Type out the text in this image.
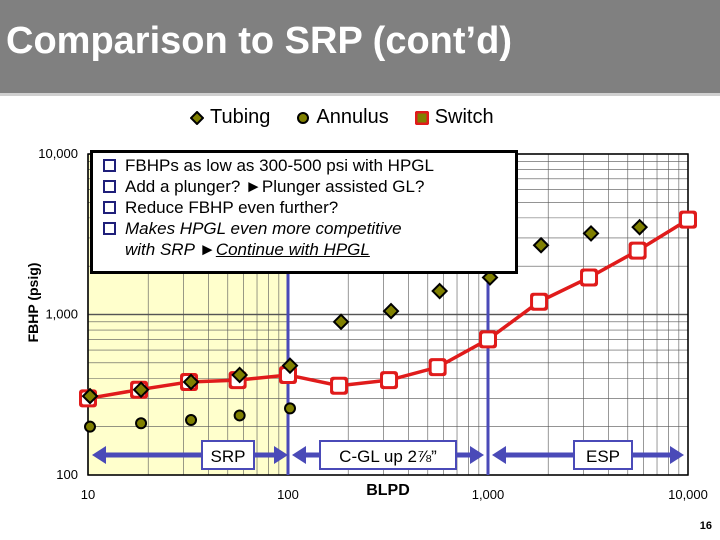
Comparison to SRP (cont’d)
10	100	1,000	10,000
100
1,000
10,000
BLPD
FBHP (psig)
SRP	C-GL up 2⅞”	ESP
Tubing Annulus Switch
FBHPs as low as 300-500 psi with HPGL
Add a plunger? ►Plunger assisted GL?
Reduce FBHP even further?
Makes HPGL even more competitive
with SRP ►Continue with HPGL
16
